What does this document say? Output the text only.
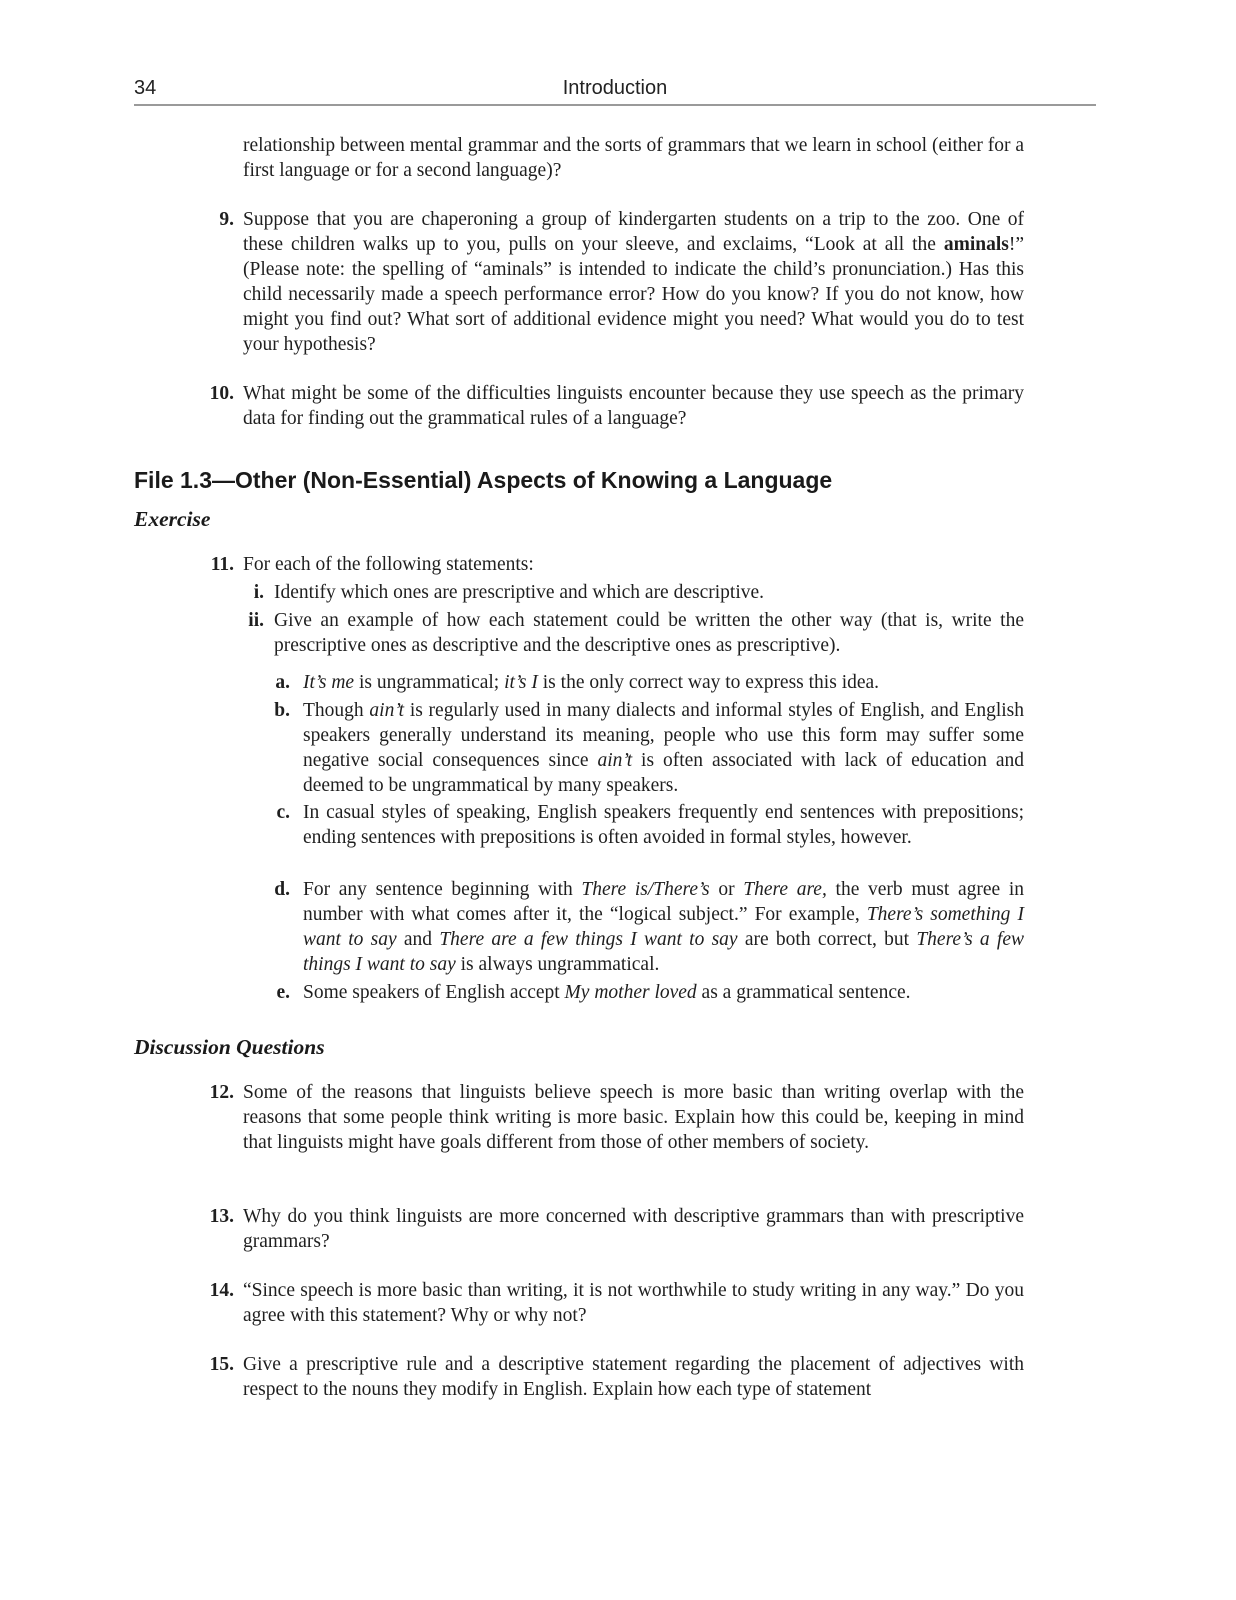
34	Introduction
relationship between mental grammar and the sorts of grammars that we learn in school (either for a first language or for a second language)?
9. Suppose that you are chaperoning a group of kindergarten students on a trip to the zoo. One of these children walks up to you, pulls on your sleeve, and exclaims, “Look at all the aminals!” (Please note: the spelling of “aminals” is intended to indicate the child’s pronunciation.) Has this child necessarily made a speech performance error? How do you know? If you do not know, how might you find out? What sort of additional evidence might you need? What would you do to test your hypothesis?
10. What might be some of the difficulties linguists encounter because they use speech as the primary data for finding out the grammatical rules of a language?
File 1.3—Other (Non-Essential) Aspects of Knowing a Language
Exercise
11. For each of the following statements:
i. Identify which ones are prescriptive and which are descriptive.
ii. Give an example of how each statement could be written the other way (that is, write the prescriptive ones as descriptive and the descriptive ones as prescriptive).
a. It’s me is ungrammatical; it’s I is the only correct way to express this idea.
b. Though ain’t is regularly used in many dialects and informal styles of English, and English speakers generally understand its meaning, people who use this form may suffer some negative social consequences since ain’t is often associated with lack of education and deemed to be ungrammatical by many speakers.
c. In casual styles of speaking, English speakers frequently end sentences with prepositions; ending sentences with prepositions is often avoided in formal styles, however.
d. For any sentence beginning with There is/There’s or There are, the verb must agree in number with what comes after it, the “logical subject.” For example, There’s something I want to say and There are a few things I want to say are both correct, but There’s a few things I want to say is always ungrammatical.
e. Some speakers of English accept My mother loved as a grammatical sentence.
Discussion Questions
12. Some of the reasons that linguists believe speech is more basic than writing overlap with the reasons that some people think writing is more basic. Explain how this could be, keeping in mind that linguists might have goals different from those of other members of society.
13. Why do you think linguists are more concerned with descriptive grammars than with prescriptive grammars?
14. “Since speech is more basic than writing, it is not worthwhile to study writing in any way.” Do you agree with this statement? Why or why not?
15. Give a prescriptive rule and a descriptive statement regarding the placement of adjectives with respect to the nouns they modify in English. Explain how each type of statement
